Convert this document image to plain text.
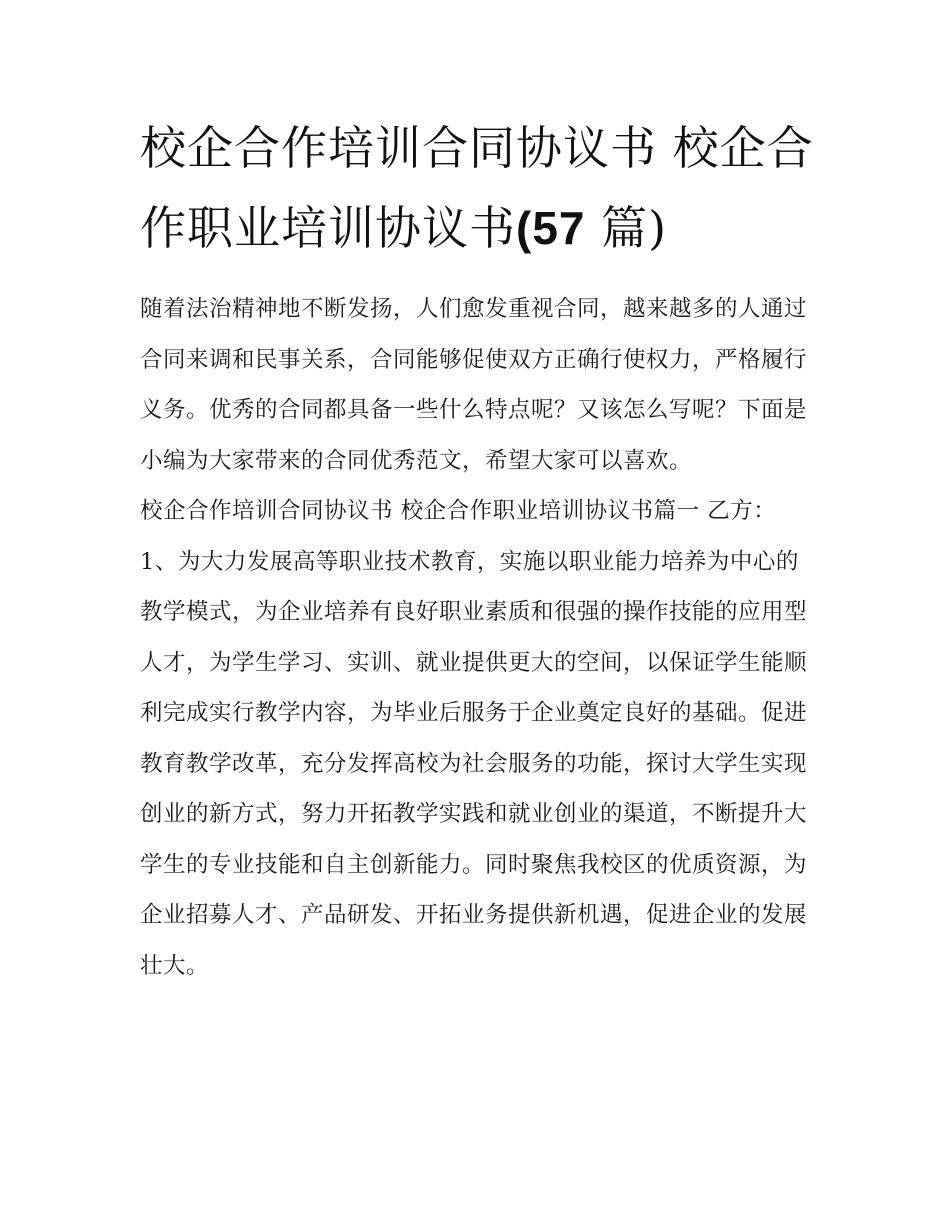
校企合作培训合同协议书 校企合作职业培训协议书(57 篇)

随着法治精神地不断发扬，人们愈发重视合同，越来越多的人通过合同来调和民事关系，合同能够促使双方正确行使权力，严格履行义务。优秀的合同都具备一些什么特点呢？又该怎么写呢？下面是小编为大家带来的合同优秀范文，希望大家可以喜欢。

校企合作培训合同协议书 校企合作职业培训协议书篇一 乙方：

1、为大力发展高等职业技术教育，实施以职业能力培养为中心的教学模式，为企业培养有良好职业素质和很强的操作技能的应用型人才，为学生学习、实训、就业提供更大的空间，以保证学生能顺利完成实行教学内容，为毕业后服务于企业奠定良好的基础。促进教育教学改革，充分发挥高校为社会服务的功能，探讨大学生实现创业的新方式，努力开拓教学实践和就业创业的渠道，不断提升大学生的专业技能和自主创新能力。同时聚焦我校区的优质资源，为企业招募人才、产品研发、开拓业务提供新机遇，促进企业的发展壮大。
